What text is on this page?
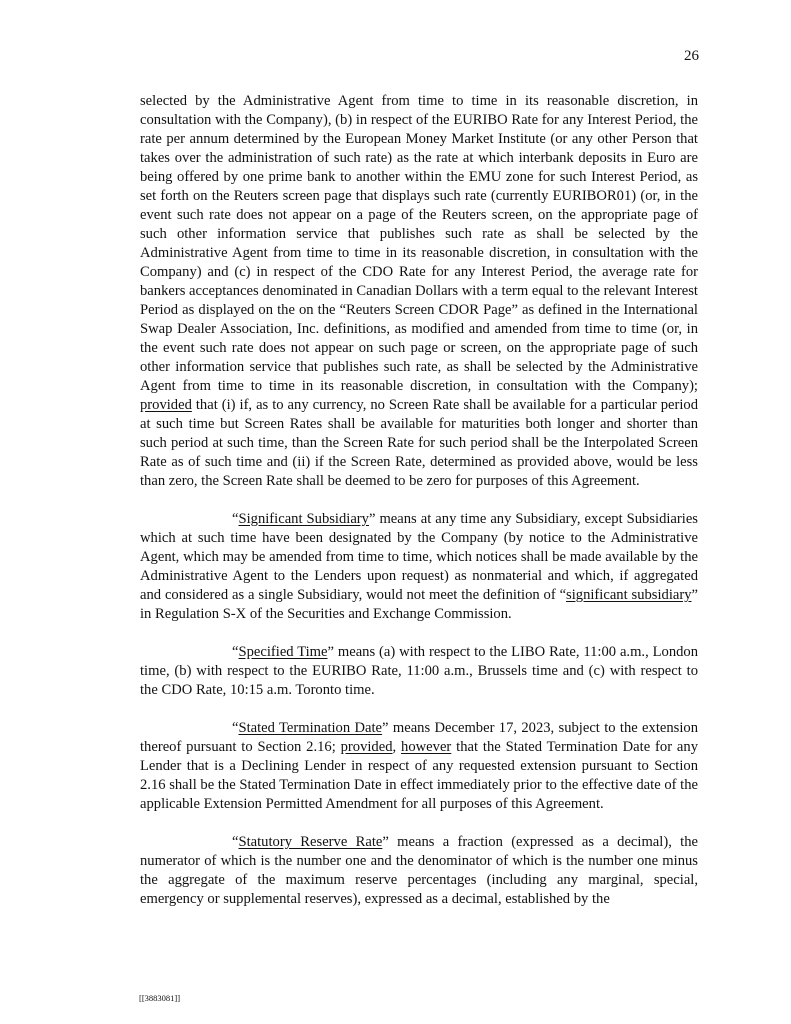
26

selected by the Administrative Agent from time to time in its reasonable discretion, in consultation with the Company), (b) in respect of the EURIBO Rate for any Interest Period, the rate per annum determined by the European Money Market Institute (or any other Person that takes over the administration of such rate) as the rate at which interbank deposits in Euro are being offered by one prime bank to another within the EMU zone for such Interest Period, as set forth on the Reuters screen page that displays such rate (currently EURIBOR01) (or, in the event such rate does not appear on a page of the Reuters screen, on the appropriate page of such other information service that publishes such rate as shall be selected by the Administrative Agent from time to time in its reasonable discretion, in consultation with the Company) and (c) in respect of the CDO Rate for any Interest Period, the average rate for bankers acceptances denominated in Canadian Dollars with a term equal to the relevant Interest Period as displayed on the on the “Reuters Screen CDOR Page” as defined in the International Swap Dealer Association, Inc. definitions, as modified and amended from time to time (or, in the event such rate does not appear on such page or screen, on the appropriate page of such other information service that publishes such rate, as shall be selected by the Administrative Agent from time to time in its reasonable discretion, in consultation with the Company); provided that (i) if, as to any currency, no Screen Rate shall be available for a particular period at such time but Screen Rates shall be available for maturities both longer and shorter than such period at such time, than the Screen Rate for such period shall be the Interpolated Screen Rate as of such time and (ii) if the Screen Rate, determined as provided above, would be less than zero, the Screen Rate shall be deemed to be zero for purposes of this Agreement.

“Significant Subsidiary” means at any time any Subsidiary, except Subsidiaries which at such time have been designated by the Company (by notice to the Administrative Agent, which may be amended from time to time, which notices shall be made available by the Administrative Agent to the Lenders upon request) as nonmaterial and which, if aggregated and considered as a single Subsidiary, would not meet the definition of “significant subsidiary” in Regulation S-X of the Securities and Exchange Commission.

“Specified Time” means (a) with respect to the LIBO Rate, 11:00 a.m., London time, (b) with respect to the EURIBO Rate, 11:00 a.m., Brussels time and (c) with respect to the CDO Rate, 10:15 a.m. Toronto time.

“Stated Termination Date” means December 17, 2023, subject to the extension thereof pursuant to Section 2.16; provided, however that the Stated Termination Date for any Lender that is a Declining Lender in respect of any requested extension pursuant to Section 2.16 shall be the Stated Termination Date in effect immediately prior to the effective date of the applicable Extension Permitted Amendment for all purposes of this Agreement.

“Statutory Reserve Rate” means a fraction (expressed as a decimal), the numerator of which is the number one and the denominator of which is the number one minus the aggregate of the maximum reserve percentages (including any marginal, special, emergency or supplemental reserves), expressed as a decimal, established by the

[[3883081]]
